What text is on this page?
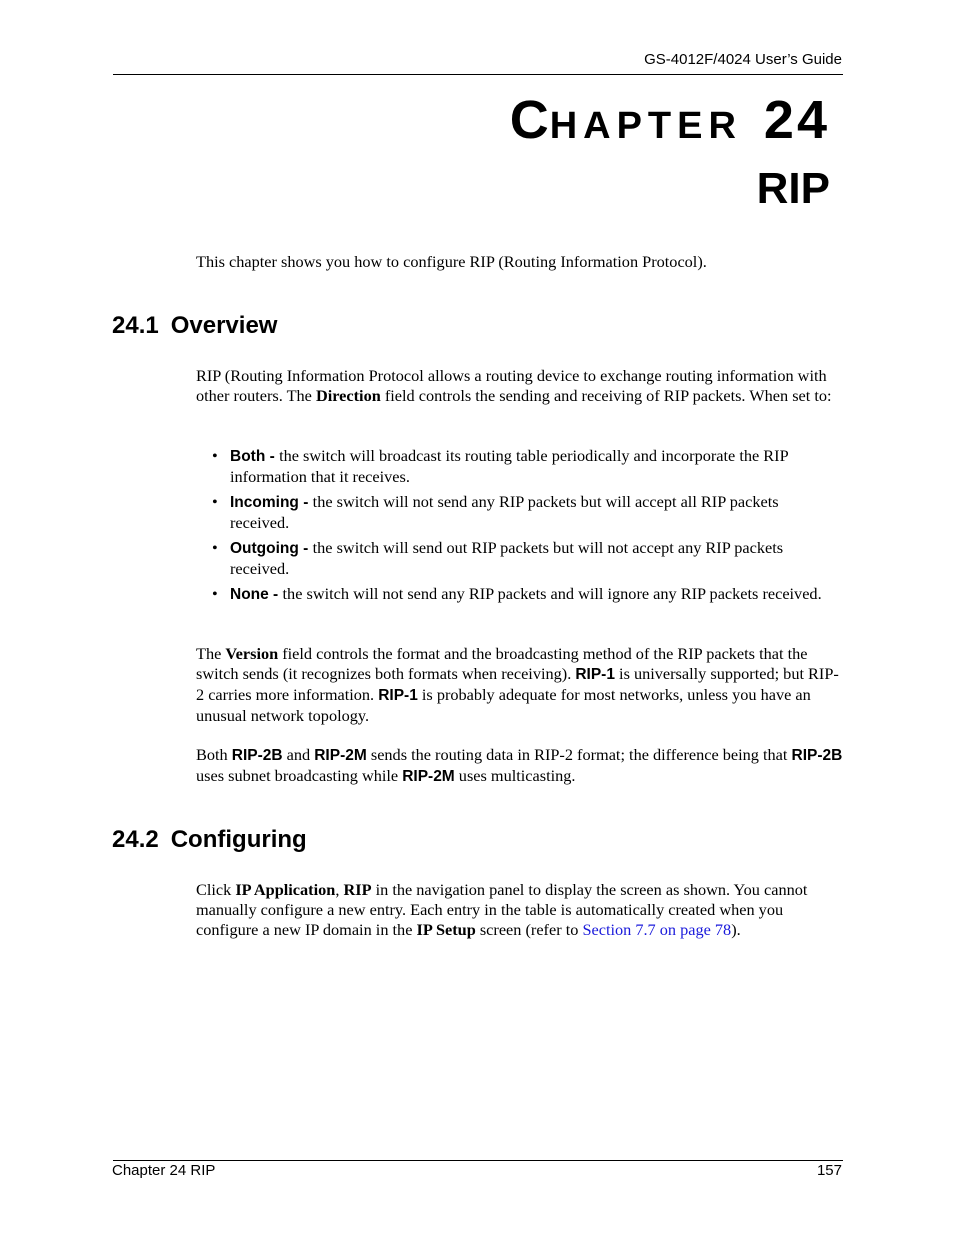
GS-4012F/4024 User’s Guide
CHAPTER 24
RIP

This chapter shows you how to configure RIP (Routing Information Protocol).

24.1 Overview

RIP (Routing Information Protocol allows a routing device to exchange routing information with other routers. The Direction field controls the sending and receiving of RIP packets. When set to:

• Both - the switch will broadcast its routing table periodically and incorporate the RIP information that it receives.
• Incoming - the switch will not send any RIP packets but will accept all RIP packets received.
• Outgoing - the switch will send out RIP packets but will not accept any RIP packets received.
• None - the switch will not send any RIP packets and will ignore any RIP packets received.

The Version field controls the format and the broadcasting method of the RIP packets that the switch sends (it recognizes both formats when receiving). RIP-1 is universally supported; but RIP-2 carries more information. RIP-1 is probably adequate for most networks, unless you have an unusual network topology.

Both RIP-2B and RIP-2M sends the routing data in RIP-2 format; the difference being that RIP-2B uses subnet broadcasting while RIP-2M uses multicasting.

24.2 Configuring

Click IP Application, RIP in the navigation panel to display the screen as shown. You cannot manually configure a new entry. Each entry in the table is automatically created when you configure a new IP domain in the IP Setup screen (refer to Section 7.7 on page 78).

Chapter 24 RIP	157
